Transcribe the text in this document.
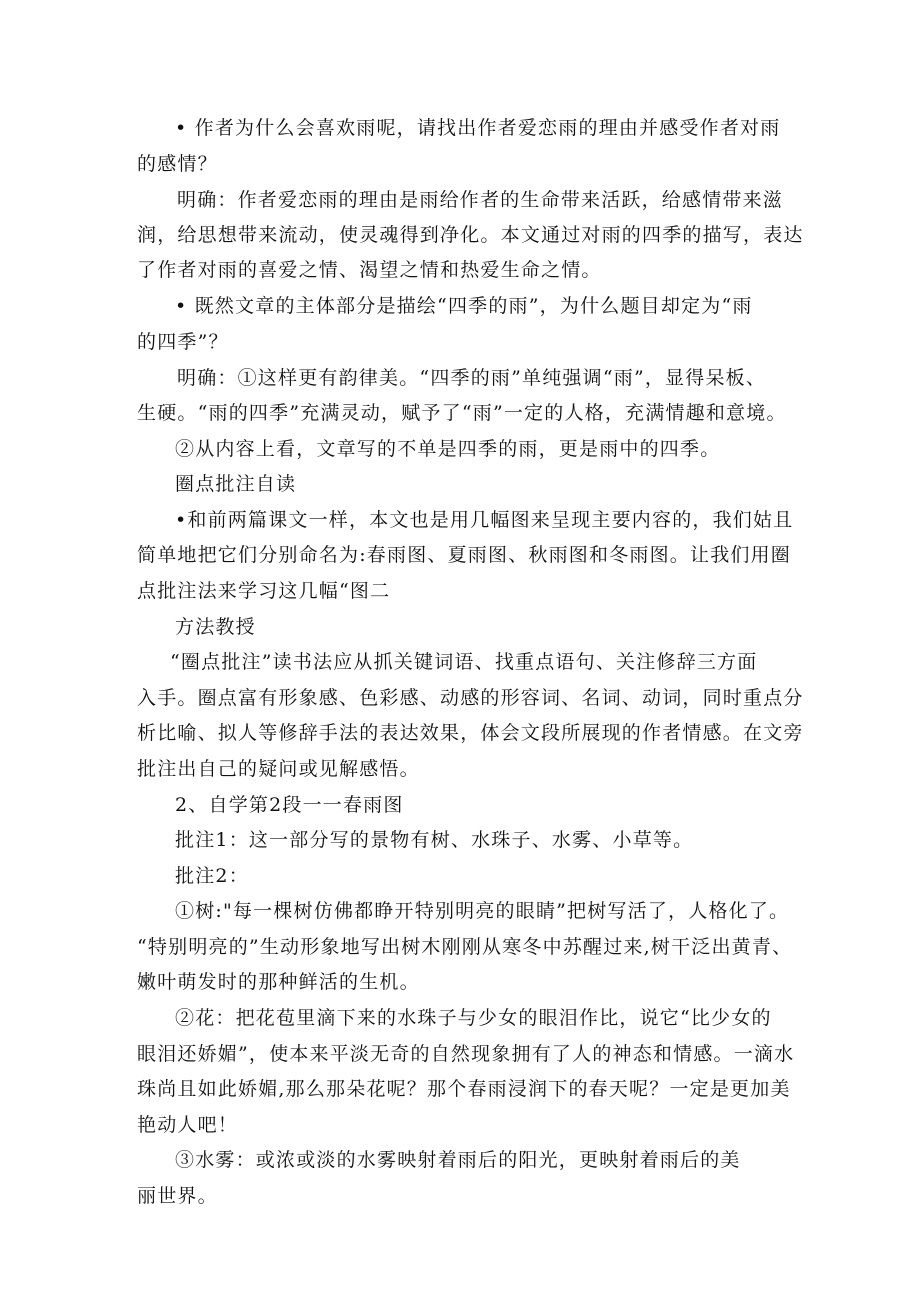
• 作者为什么会喜欢雨呢，请找出作者爱恋雨的理由并感受作者对雨
的感情？
明确：作者爱恋雨的理由是雨给作者的生命带来活跃，给感情带来滋
润，给思想带来流动，使灵魂得到净化。本文通过对雨的四季的描写，表达
了作者对雨的喜爱之情、渴望之情和热爱生命之情。
• 既然文章的主体部分是描绘“四季的雨”，为什么题目却定为“雨
的四季”？
明确：①这样更有韵律美。“四季的雨”单纯强调“雨”，显得呆板、
生硬。“雨的四季”充满灵动，赋予了“雨”一定的人格，充满情趣和意境。
②从内容上看，文章写的不单是四季的雨，更是雨中的四季。
圈点批注自读
•和前两篇课文一样，本文也是用几幅图来呈现主要内容的，我们姑且
简单地把它们分别命名为:春雨图、夏雨图、秋雨图和冬雨图。让我们用圈
点批注法来学习这几幅“图二
方法教授
“圈点批注”读书法应从抓关键词语、找重点语句、关注修辞三方面
入手。圈点富有形象感、色彩感、动感的形容词、名词、动词，同时重点分
析比喻、拟人等修辞手法的表达效果，体会文段所展现的作者情感。在文旁
批注出自己的疑问或见解感悟。
2、自学第2段一一春雨图
批注1：这一部分写的景物有树、水珠子、水雾、小草等。
批注2：
①树:"每一棵树仿佛都睁开特别明亮的眼睛”把树写活了，人格化了。
“特别明亮的”生动形象地写出树木刚刚从寒冬中苏醒过来,树干泛出黄青、
嫩叶萌发时的那种鲜活的生机。
②花：把花苞里滴下来的水珠子与少女的眼泪作比，说它“比少女的
眼泪还娇媚”，使本来平淡无奇的自然现象拥有了人的神态和情感。一滴水
珠尚且如此娇媚,那么那朵花呢？那个春雨浸润下的春天呢？一定是更加美
艳动人吧！
③水雾：或浓或淡的水雾映射着雨后的阳光，更映射着雨后的美
丽世界。
